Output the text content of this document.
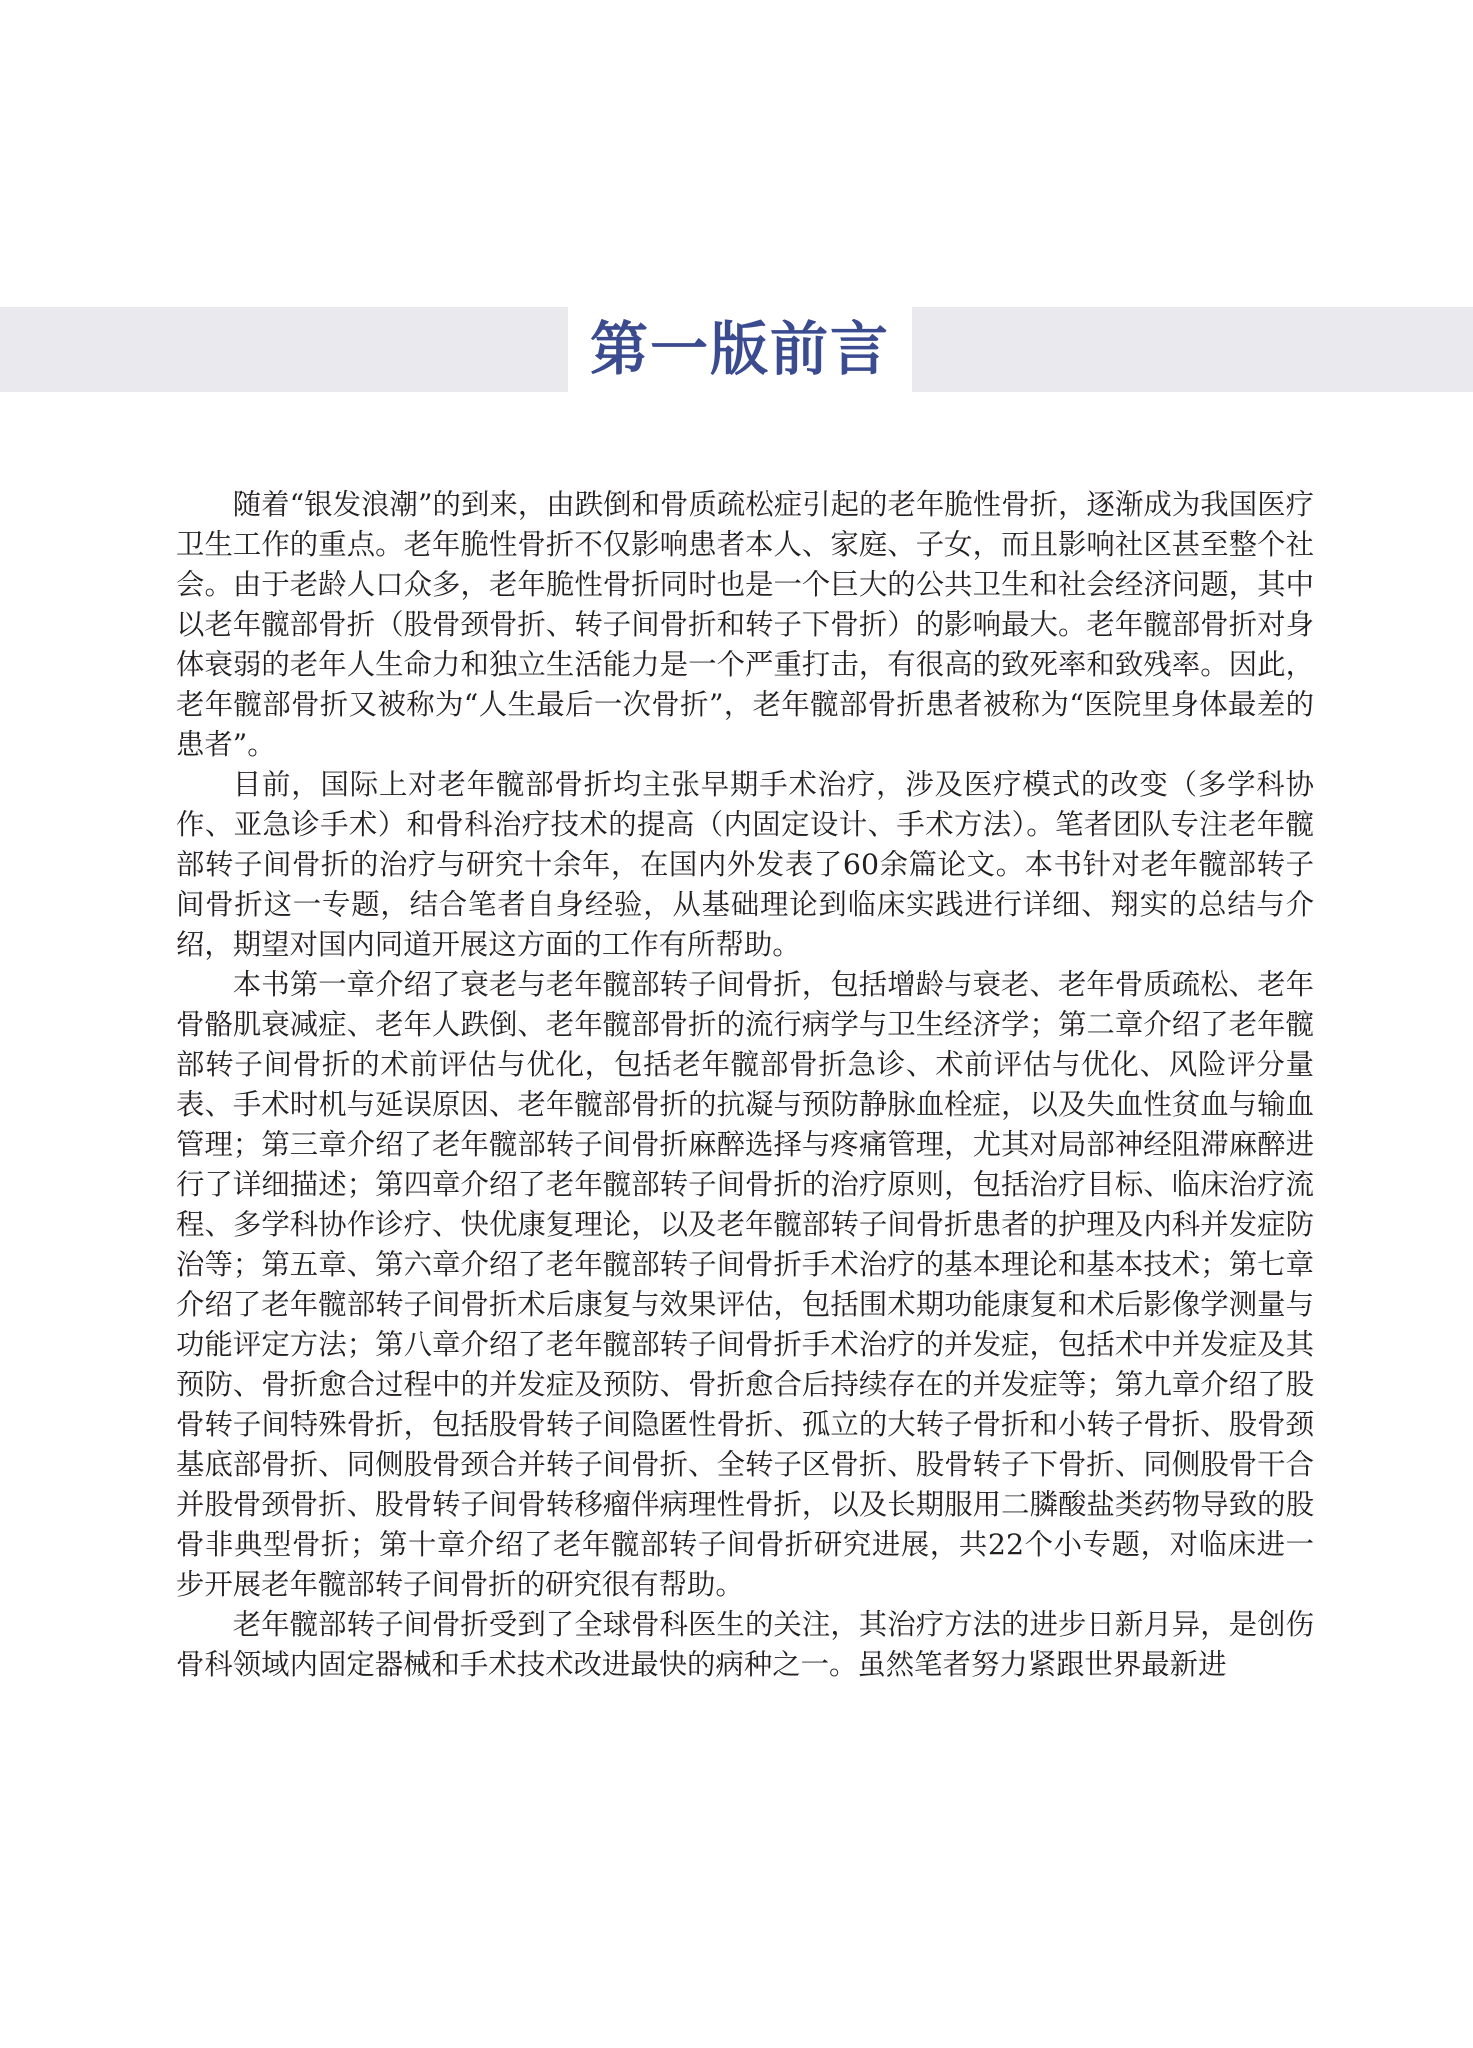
第一版前言

随着“银发浪潮”的到来，由跌倒和骨质疏松症引起的老年脆性骨折，逐渐成为我国医疗卫生工作的重点。老年脆性骨折不仅影响患者本人、家庭、子女，而且影响社区甚至整个社会。由于老龄人口众多，老年脆性骨折同时也是一个巨大的公共卫生和社会经济问题，其中以老年髋部骨折（股骨颈骨折、转子间骨折和转子下骨折）的影响最大。老年髋部骨折对身体衰弱的老年人生命力和独立生活能力是一个严重打击，有很高的致死率和致残率。因此，老年髋部骨折又被称为“人生最后一次骨折”，老年髋部骨折患者被称为“医院里身体最差的患者”。

目前，国际上对老年髋部骨折均主张早期手术治疗，涉及医疗模式的改变（多学科协作、亚急诊手术）和骨科治疗技术的提高（内固定设计、手术方法）。笔者团队专注老年髋部转子间骨折的治疗与研究十余年，在国内外发表了60余篇论文。本书针对老年髋部转子间骨折这一专题，结合笔者自身经验，从基础理论到临床实践进行详细、翔实的总结与介绍，期望对国内同道开展这方面的工作有所帮助。

本书第一章介绍了衰老与老年髋部转子间骨折，包括增龄与衰老、老年骨质疏松、老年骨骼肌衰减症、老年人跌倒、老年髋部骨折的流行病学与卫生经济学；第二章介绍了老年髋部转子间骨折的术前评估与优化，包括老年髋部骨折急诊、术前评估与优化、风险评分量表、手术时机与延误原因、老年髋部骨折的抗凝与预防静脉血栓症，以及失血性贫血与输血管理；第三章介绍了老年髋部转子间骨折麻醉选择与疼痛管理，尤其对局部神经阻滞麻醉进行了详细描述；第四章介绍了老年髋部转子间骨折的治疗原则，包括治疗目标、临床治疗流程、多学科协作诊疗、快优康复理论，以及老年髋部转子间骨折患者的护理及内科并发症防治等；第五章、第六章介绍了老年髋部转子间骨折手术治疗的基本理论和基本技术；第七章介绍了老年髋部转子间骨折术后康复与效果评估，包括围术期功能康复和术后影像学测量与功能评定方法；第八章介绍了老年髋部转子间骨折手术治疗的并发症，包括术中并发症及其预防、骨折愈合过程中的并发症及预防、骨折愈合后持续存在的并发症等；第九章介绍了股骨转子间特殊骨折，包括股骨转子间隐匿性骨折、孤立的大转子骨折和小转子骨折、股骨颈基底部骨折、同侧股骨颈合并转子间骨折、全转子区骨折、股骨转子下骨折、同侧股骨干合并股骨颈骨折、股骨转子间骨转移瘤伴病理性骨折，以及长期服用二膦酸盐类药物导致的股骨非典型骨折；第十章介绍了老年髋部转子间骨折研究进展，共22个小专题，对临床进一步开展老年髋部转子间骨折的研究很有帮助。

老年髋部转子间骨折受到了全球骨科医生的关注，其治疗方法的进步日新月异，是创伤骨科领域内固定器械和手术技术改进最快的病种之一。虽然笔者努力紧跟世界最新进
